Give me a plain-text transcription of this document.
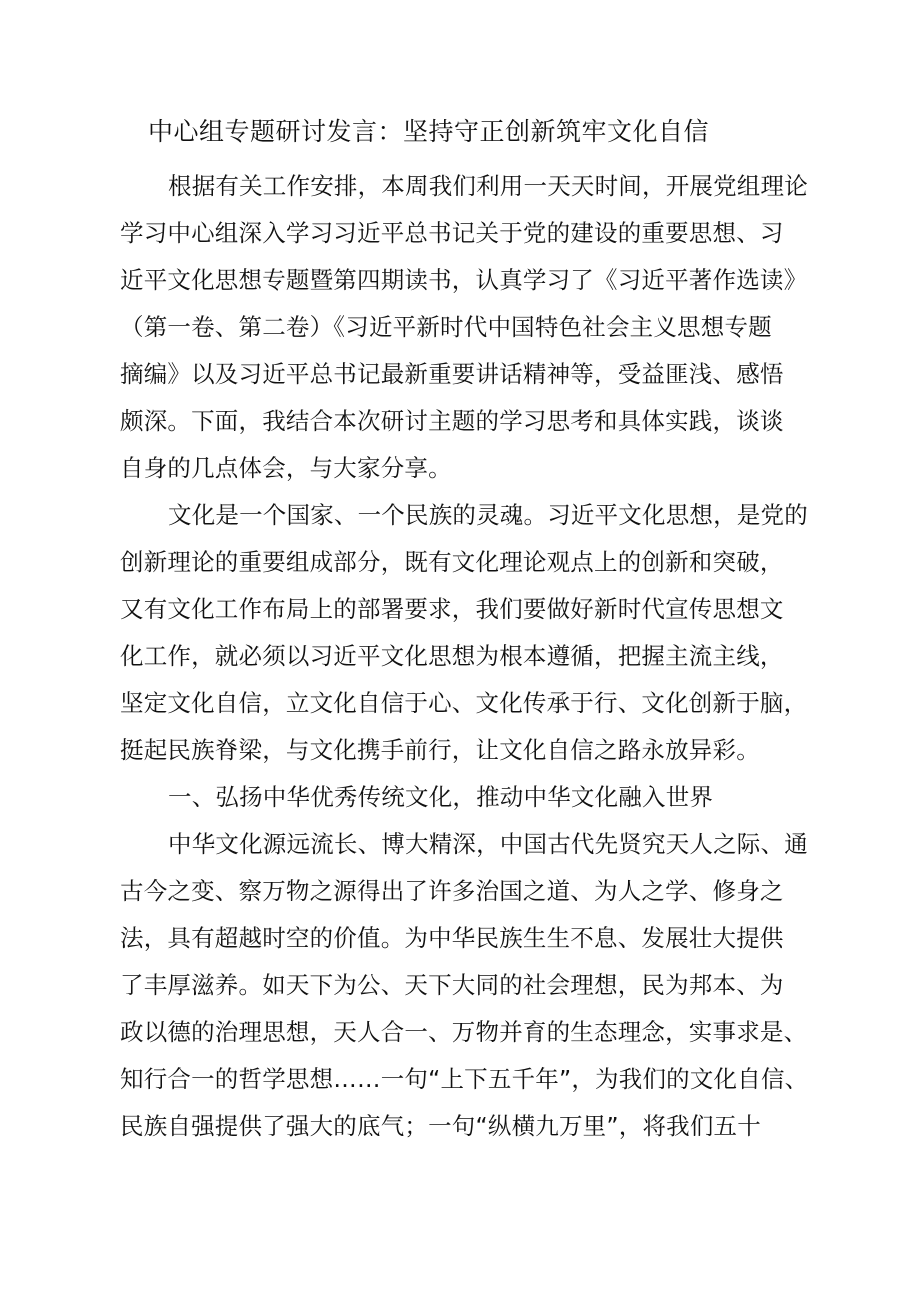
中心组专题研讨发言：坚持守正创新筑牢文化自信
根据有关工作安排，本周我们利用一天天时间，开展党组理论
学习中心组深入学习习近平总书记关于党的建设的重要思想、习
近平文化思想专题暨第四期读书，认真学习了《习近平著作选读》
（第一卷、第二卷）《习近平新时代中国特色社会主义思想专题
摘编》以及习近平总书记最新重要讲话精神等，受益匪浅、感悟
颇深。下面，我结合本次研讨主题的学习思考和具体实践，谈谈
自身的几点体会，与大家分享。
文化是一个国家、一个民族的灵魂。习近平文化思想，是党的
创新理论的重要组成部分，既有文化理论观点上的创新和突破，
又有文化工作布局上的部署要求，我们要做好新时代宣传思想文
化工作，就必须以习近平文化思想为根本遵循，把握主流主线，
坚定文化自信，立文化自信于心、文化传承于行、文化创新于脑，
挺起民族脊梁，与文化携手前行，让文化自信之路永放异彩。
一、弘扬中华优秀传统文化，推动中华文化融入世界
中华文化源远流长、博大精深，中国古代先贤究天人之际、通
古今之变、察万物之源得出了许多治国之道、为人之学、修身之
法，具有超越时空的价值。为中华民族生生不息、发展壮大提供
了丰厚滋养。如天下为公、天下大同的社会理想，民为邦本、为
政以德的治理思想，天人合一、万物并育的生态理念，实事求是、
知行合一的哲学思想……一句“上下五千年”，为我们的文化自信、
民族自强提供了强大的底气；一句“纵横九万里”，将我们五十
